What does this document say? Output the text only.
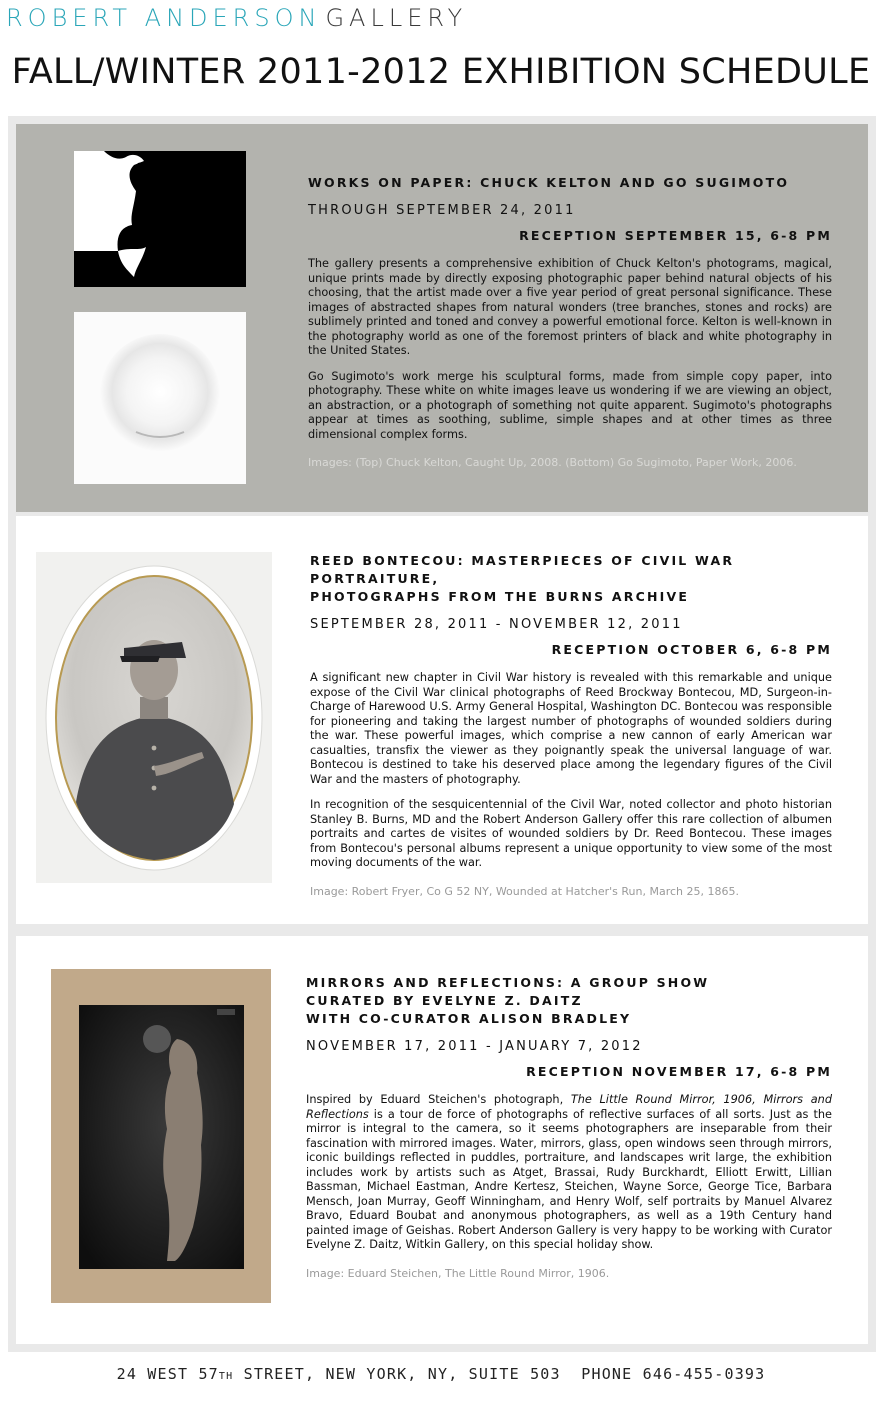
ROBERT ANDERSON GALLERY
FALL/WINTER 2011-2012 EXHIBITION SCHEDULE
WORKS ON PAPER: CHUCK KELTON AND GO SUGIMOTO
THROUGH SEPTEMBER 24, 2011
RECEPTION SEPTEMBER 15, 6-8 PM

The gallery presents a comprehensive exhibition of Chuck Kelton's photograms, magical, unique prints made by directly exposing photographic paper behind natural objects of his choosing, that the artist made over a five year period of great personal significance. These images of abstracted shapes from natural wonders (tree branches, stones and rocks) are sublimely printed and toned and convey a powerful emotional force. Kelton is well-known in the photography world as one of the foremost printers of black and white photography in the United States.

Go Sugimoto's work merge his sculptural forms, made from simple copy paper, into photography. These white on white images leave us wondering if we are viewing an object, an abstraction, or a photograph of something not quite apparent. Sugimoto's photographs appear at times as soothing, sublime, simple shapes and at other times as three dimensional complex forms.

Images: (Top) Chuck Kelton, Caught Up, 2008. (Bottom) Go Sugimoto, Paper Work, 2006.
REED BONTECOU: MASTERPIECES OF CIVIL WAR PORTRAITURE,
PHOTOGRAPHS FROM THE BURNS ARCHIVE
SEPTEMBER 28, 2011 - NOVEMBER 12, 2011
RECEPTION OCTOBER 6, 6-8 PM

A significant new chapter in Civil War history is revealed with this remarkable and unique expose of the Civil War clinical photographs of Reed Brockway Bontecou, MD, Surgeon-in-Charge of Harewood U.S. Army General Hospital, Washington DC. Bontecou was responsible for pioneering and taking the largest number of photographs of wounded soldiers during the war. These powerful images, which comprise a new cannon of early American war casualties, transfix the viewer as they poignantly speak the universal language of war. Bontecou is destined to take his deserved place among the legendary figures of the Civil War and the masters of photography.

In recognition of the sesquicentennial of the Civil War, noted collector and photo historian Stanley B. Burns, MD and the Robert Anderson Gallery offer this rare collection of albumen portraits and cartes de visites of wounded soldiers by Dr. Reed Bontecou. These images from Bontecou's personal albums represent a unique opportunity to view some of the most moving documents of the war.

Image: Robert Fryer, Co G 52 NY, Wounded at Hatcher's Run, March 25, 1865.
MIRRORS AND REFLECTIONS: A GROUP SHOW
CURATED BY EVELYNE Z. DAITZ
WITH CO-CURATOR ALISON BRADLEY
NOVEMBER 17, 2011 - JANUARY 7, 2012
RECEPTION NOVEMBER 17, 6-8 PM

Inspired by Eduard Steichen's photograph, The Little Round Mirror, 1906, Mirrors and Reflections is a tour de force of photographs of reflective surfaces of all sorts. Just as the mirror is integral to the camera, so it seems photographers are inseparable from their fascination with mirrored images. Water, mirrors, glass, open windows seen through mirrors, iconic buildings reflected in puddles, portraiture, and landscapes writ large, the exhibition includes work by artists such as Atget, Brassai, Rudy Burckhardt, Elliott Erwitt, Lillian Bassman, Michael Eastman, Andre Kertesz, Steichen, Wayne Sorce, George Tice, Barbara Mensch, Joan Murray, Geoff Winningham, and Henry Wolf, self portraits by Manuel Alvarez Bravo, Eduard Boubat and anonymous photographers, as well as a 19th Century hand painted image of Geishas. Robert Anderson Gallery is very happy to be working with Curator Evelyne Z. Daitz, Witkin Gallery, on this special holiday show.

Image: Eduard Steichen, The Little Round Mirror, 1906.
24 WEST 57TH STREET, NEW YORK, NY, SUITE 503 PHONE 646-455-0393
